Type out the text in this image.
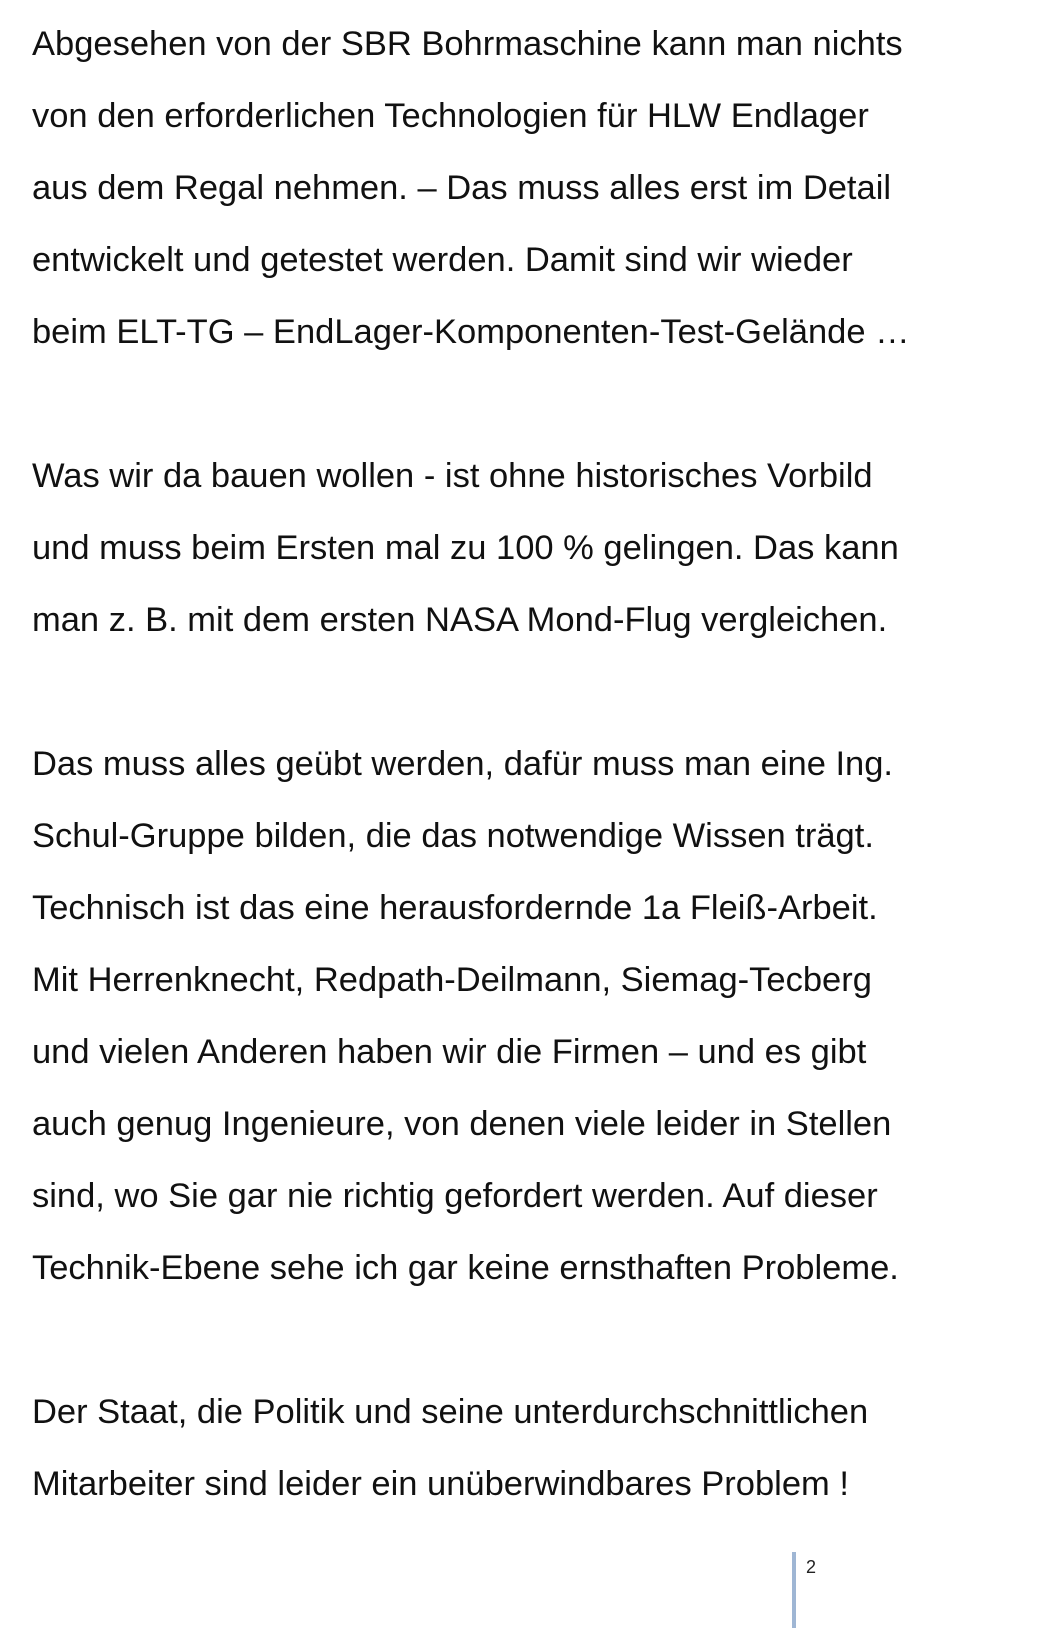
Abgesehen von der SBR Bohrmaschine kann man nichts
von den erforderlichen Technologien für HLW Endlager
aus dem Regal nehmen. – Das muss alles erst im Detail
entwickelt und getestet werden. Damit sind wir wieder
beim ELT-TG – EndLager-Komponenten-Test-Gelände …

Was wir da bauen wollen - ist ohne historisches Vorbild
und muss beim Ersten mal zu 100 % gelingen. Das kann
man z. B. mit dem ersten NASA Mond-Flug vergleichen.

Das muss alles geübt werden, dafür muss man eine Ing.
Schul-Gruppe bilden, die das notwendige Wissen trägt.
Technisch ist das eine herausfordernde 1a Fleiß-Arbeit.
Mit Herrenknecht, Redpath-Deilmann, Siemag-Tecberg
und vielen Anderen haben wir die Firmen – und es gibt
auch genug Ingenieure, von denen viele leider in Stellen
sind, wo Sie gar nie richtig gefordert werden. Auf dieser
Technik-Ebene sehe ich gar keine ernsthaften Probleme.

Der Staat, die Politik und seine unterdurchschnittlichen
Mitarbeiter sind leider ein unüberwindbares Problem !

2
